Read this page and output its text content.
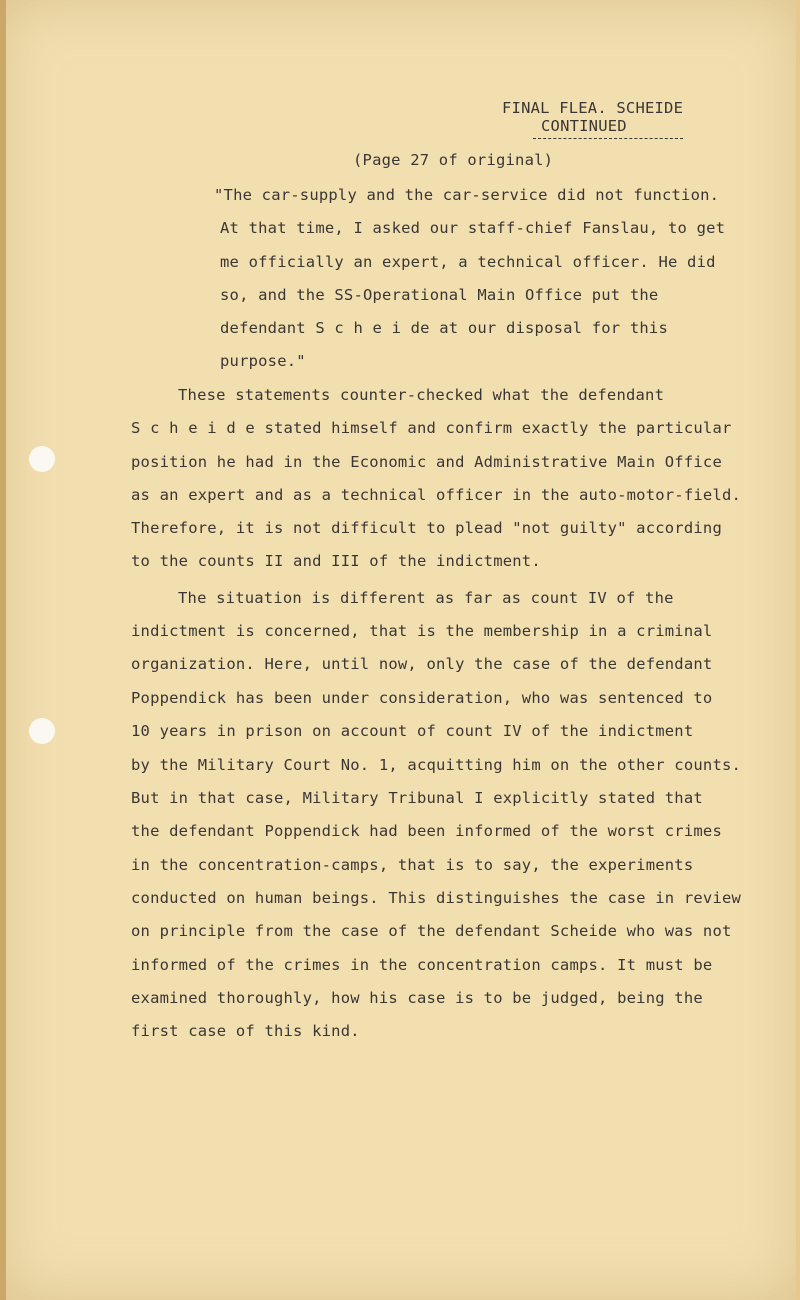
FINAL FLEA. SCHEIDE
CONTINUED
(Page 27 of original)
"The car-supply and the car-service did not function.
At that time, I asked our staff-chief Fanslau, to get
me officially an expert, a technical officer. He did
so, and the SS-Operational Main Office put the
defendant S c h e i de at our disposal for this
purpose."
These statements counter-checked what the defendant
S c h e i d e stated himself and confirm exactly the particular
position he had in the Economic and Administrative Main Office
as an expert and as a technical officer in the auto-motor-field.
Therefore, it is not difficult to plead "not guilty" according
to the counts II and III of the indictment.
The situation is different as far as count IV of the
indictment is concerned, that is the membership in a criminal
organization. Here, until now, only the case of the defendant
Poppendick has been under consideration, who was sentenced to
10 years in prison on account of count IV of the indictment
by the Military Court No. 1, acquitting him on the other counts.
But in that case, Military Tribunal I explicitly stated that
the defendant Poppendick had been informed of the worst crimes
in the concentration-camps, that is to say, the experiments
conducted on human beings. This distinguishes the case in review
on principle from the case of the defendant Scheide who was not
informed of the crimes in the concentration camps. It must be
examined thoroughly, how his case is to be judged, being the
first case of this kind.
